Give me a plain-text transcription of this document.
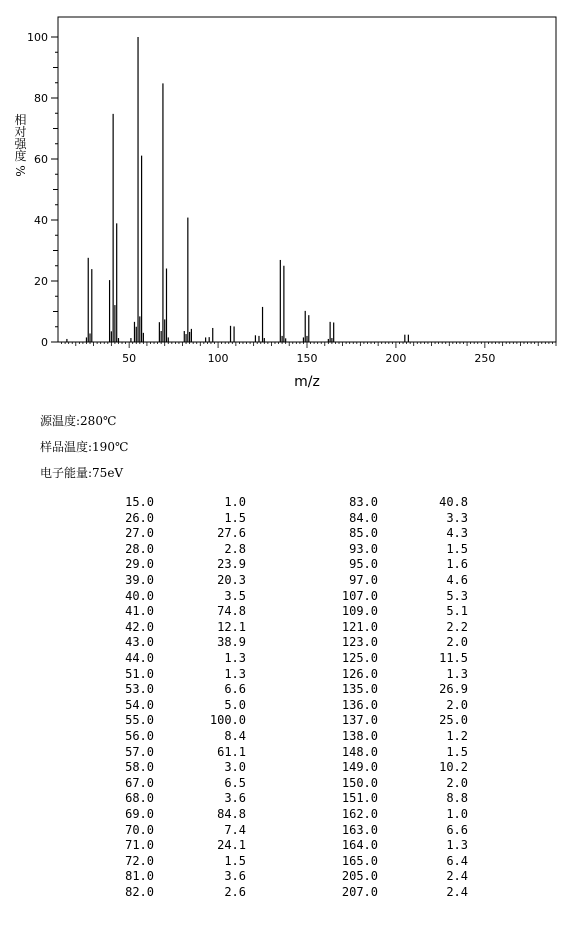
0
20
40
60
80
100
50	100	150	200	250
m/z
相对强度 %
源温度:280℃
样品温度:190℃
电子能量:75eV
15.0	1.0
26.0	1.5
27.0	27.6
28.0	2.8
29.0	23.9
39.0	20.3
40.0	3.5
41.0	74.8
42.0	12.1
43.0	38.9
44.0	1.3
51.0	1.3
53.0	6.6
54.0	5.0
55.0	100.0
56.0	8.4
57.0	61.1
58.0	3.0
67.0	6.5
68.0	3.6
69.0	84.8
70.0	7.4
71.0	24.1
72.0	1.5
81.0	3.6
82.0	2.6
83.0	40.8
84.0	3.3
85.0	4.3
93.0	1.5
95.0	1.6
97.0	4.6
107.0	5.3
109.0	5.1
121.0	2.2
123.0	2.0
125.0	11.5
126.0	1.3
135.0	26.9
136.0	2.0
137.0	25.0
138.0	1.2
148.0	1.5
149.0	10.2
150.0	2.0
151.0	8.8
162.0	1.0
163.0	6.6
164.0	1.3
165.0	6.4
205.0	2.4
207.0	2.4
